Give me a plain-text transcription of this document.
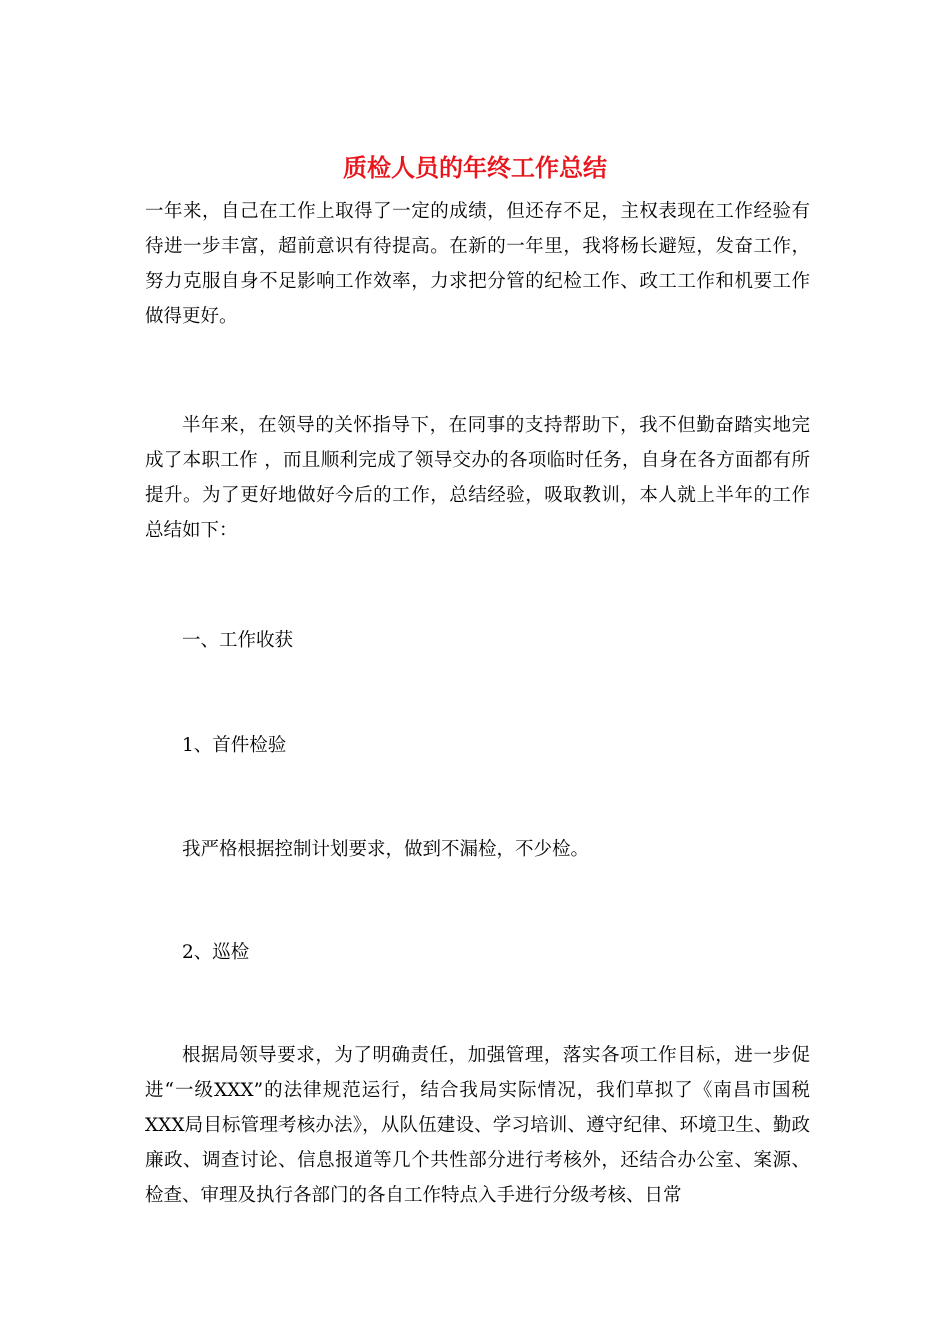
质检人员的年终工作总结

一年来，自己在工作上取得了一定的成绩，但还存不足，主权表现在工作经验有待进一步丰富，超前意识有待提高。在新的一年里，我将杨长避短，发奋工作，努力克服自身不足影响工作效率，力求把分管的纪检工作、政工工作和机要工作做得更好。

半年来，在领导的关怀指导下，在同事的支持帮助下，我不但勤奋踏实地完成了本职工作 ，而且顺利完成了领导交办的各项临时任务，自身在各方面都有所提升。为了更好地做好今后的工作，总结经验，吸取教训，本人就上半年的工作总结如下：

一、工作收获

1、首件检验

我严格根据控制计划要求，做到不漏检，不少检。

2、巡检

根据局领导要求，为了明确责任，加强管理，落实各项工作目标，进一步促进“一级XXX”的法律规范运行，结合我局实际情况，我们草拟了《南昌市国税XXX局目标管理考核办法》，从队伍建设、学习培训、遵守纪律、环境卫生、勤政廉政、调查讨论、信息报道等几个共性部分进行考核外，还结合办公室、案源、检查、审理及执行各部门的各自工作特点入手进行分级考核、日常
